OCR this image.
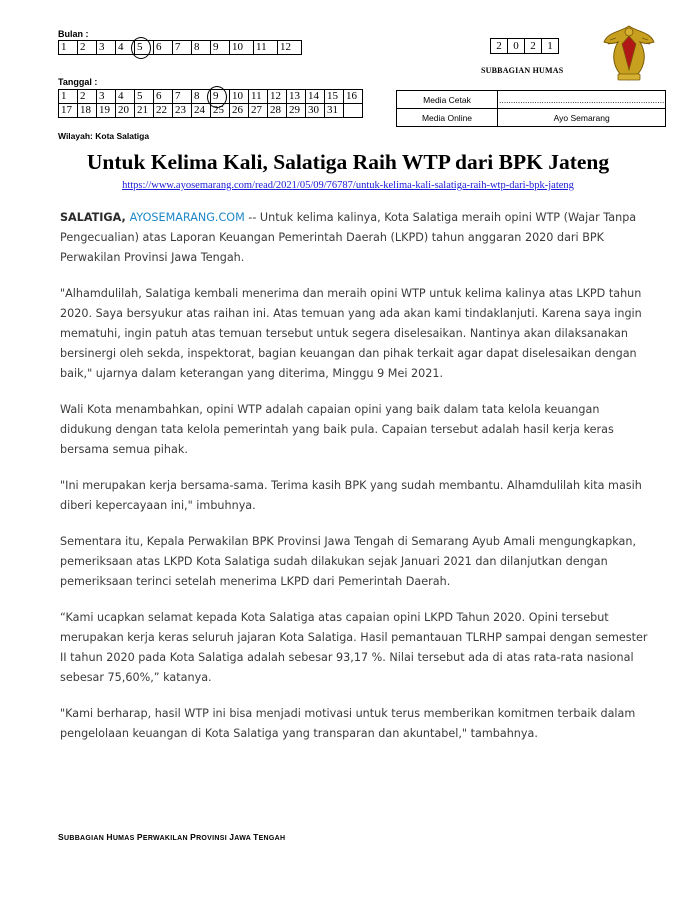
Bulan :
1	2	3	4	5	6	7	8	9	10	11	12
Tanggal :
1	2	3	4	5	6	7	8	9	10	11	12	13	14	15	16
17	18	19	20	21	22	23	24	25	26	27	28	29	30	31	
2	0	2	1
SUBBAGIAN HUMAS
Media Cetak	......................................................................
Media Online	Ayo Semarang
Wilayah: Kota Salatiga
Untuk Kelima Kali, Salatiga Raih WTP dari BPK Jateng
https://www.ayosemarang.com/read/2021/05/09/76787/untuk-kelima-kali-salatiga-raih-wtp-dari-bpk-jateng

SALATIGA, AYOSEMARANG.COM -- Untuk kelima kalinya, Kota Salatiga meraih opini WTP (Wajar Tanpa Pengecualian) atas Laporan Keuangan Pemerintah Daerah (LKPD) tahun anggaran 2020 dari BPK Perwakilan Provinsi Jawa Tengah.

"Alhamdulilah, Salatiga kembali menerima dan meraih opini WTP untuk kelima kalinya atas LKPD tahun 2020. Saya bersyukur atas raihan ini. Atas temuan yang ada akan kami tindaklanjuti. Karena saya ingin mematuhi, ingin patuh atas temuan tersebut untuk segera diselesaikan. Nantinya akan dilaksanakan bersinergi oleh sekda, inspektorat, bagian keuangan dan pihak terkait agar dapat diselesaikan dengan baik," ujarnya dalam keterangan yang diterima, Minggu 9 Mei 2021.

Wali Kota menambahkan, opini WTP adalah capaian opini yang baik dalam tata kelola keuangan didukung dengan tata kelola pemerintah yang baik pula. Capaian tersebut adalah hasil kerja keras bersama semua pihak.

"Ini merupakan kerja bersama-sama. Terima kasih BPK yang sudah membantu. Alhamdulilah kita masih diberi kepercayaan ini," imbuhnya.

Sementara itu, Kepala Perwakilan BPK Provinsi Jawa Tengah di Semarang Ayub Amali mengungkapkan, pemeriksaan atas LKPD Kota Salatiga sudah dilakukan sejak Januari 2021 dan dilanjutkan dengan pemeriksaan terinci setelah menerima LKPD dari Pemerintah Daerah.

“Kami ucapkan selamat kepada Kota Salatiga atas capaian opini LKPD Tahun 2020. Opini tersebut merupakan kerja keras seluruh jajaran Kota Salatiga. Hasil pemantauan TLRHP sampai dengan semester II tahun 2020 pada Kota Salatiga adalah sebesar 93,17 %. Nilai tersebut ada di atas rata-rata nasional sebesar 75,60%,” katanya.

"Kami berharap, hasil WTP ini bisa menjadi motivasi untuk terus memberikan komitmen terbaik dalam pengelolaan keuangan di Kota Salatiga yang transparan dan akuntabel," tambahnya.

SUBBAGIAN HUMAS PERWAKILAN PROVINSI JAWA TENGAH
